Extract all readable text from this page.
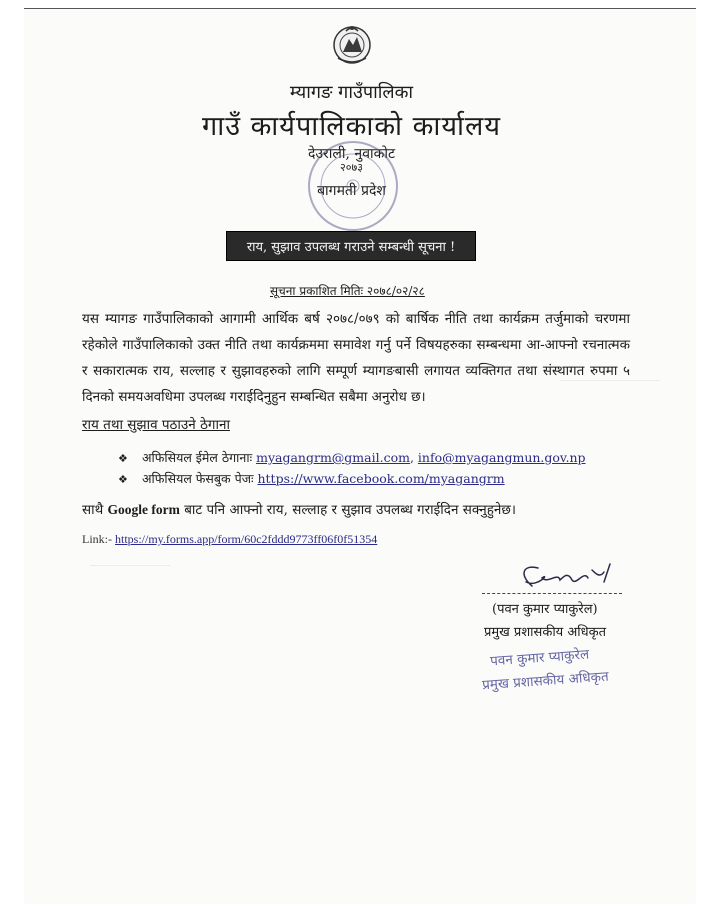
म्यागङ गाउँपालिका
गाउँ कार्यपालिकाको कार्यालय
देउराली, नुवाकोट
२०७३
बागमती प्रदेश
राय, सुझाव उपलब्ध गराउने सम्बन्धी सूचना !
सूचना प्रकाशित मितिः २०७८/०२/२८

यस म्यागङ गाउँपालिकाको आगामी आर्थिक बर्ष २०७८/०७९ को बार्षिक नीति तथा कार्यक्रम तर्जुमाको चरणमा रहेकोले गाउँपालिकाको उक्त नीति तथा कार्यक्रममा समावेश गर्नु पर्ने विषयहरुका सम्बन्धमा आ-आफ्नो रचनात्मक र सकारात्मक राय, सल्लाह र सुझावहरुको लागि सम्पूर्ण म्यागङबासी लगायत व्यक्तिगत तथा संस्थागत रुपमा ५ दिनको समयअवधिमा उपलब्ध गराईदिनुहुन सम्बन्धित सबैमा अनुरोध छ।

राय तथा सुझाव पठाउने ठेगाना
❖ अफिसियल ईमेल ठेगानाः myagangrm@gmail.com, info@myagangmun.gov.np
❖ अफिसियल फेसबुक पेजः https://www.facebook.com/myagangrm
साथै Google form बाट पनि आफ्नो राय, सल्लाह र सुझाव उपलब्ध गराईदिन सक्नुहुनेछ।
Link:- https://my.forms.app/form/60c2fddd9773ff06f0f51354
(पवन कुमार प्याकुरेल)
प्रमुख प्रशासकीय अधिकृत
पवन कुमार प्याकुरेल
प्रमुख प्रशासकीय अधिकृत
